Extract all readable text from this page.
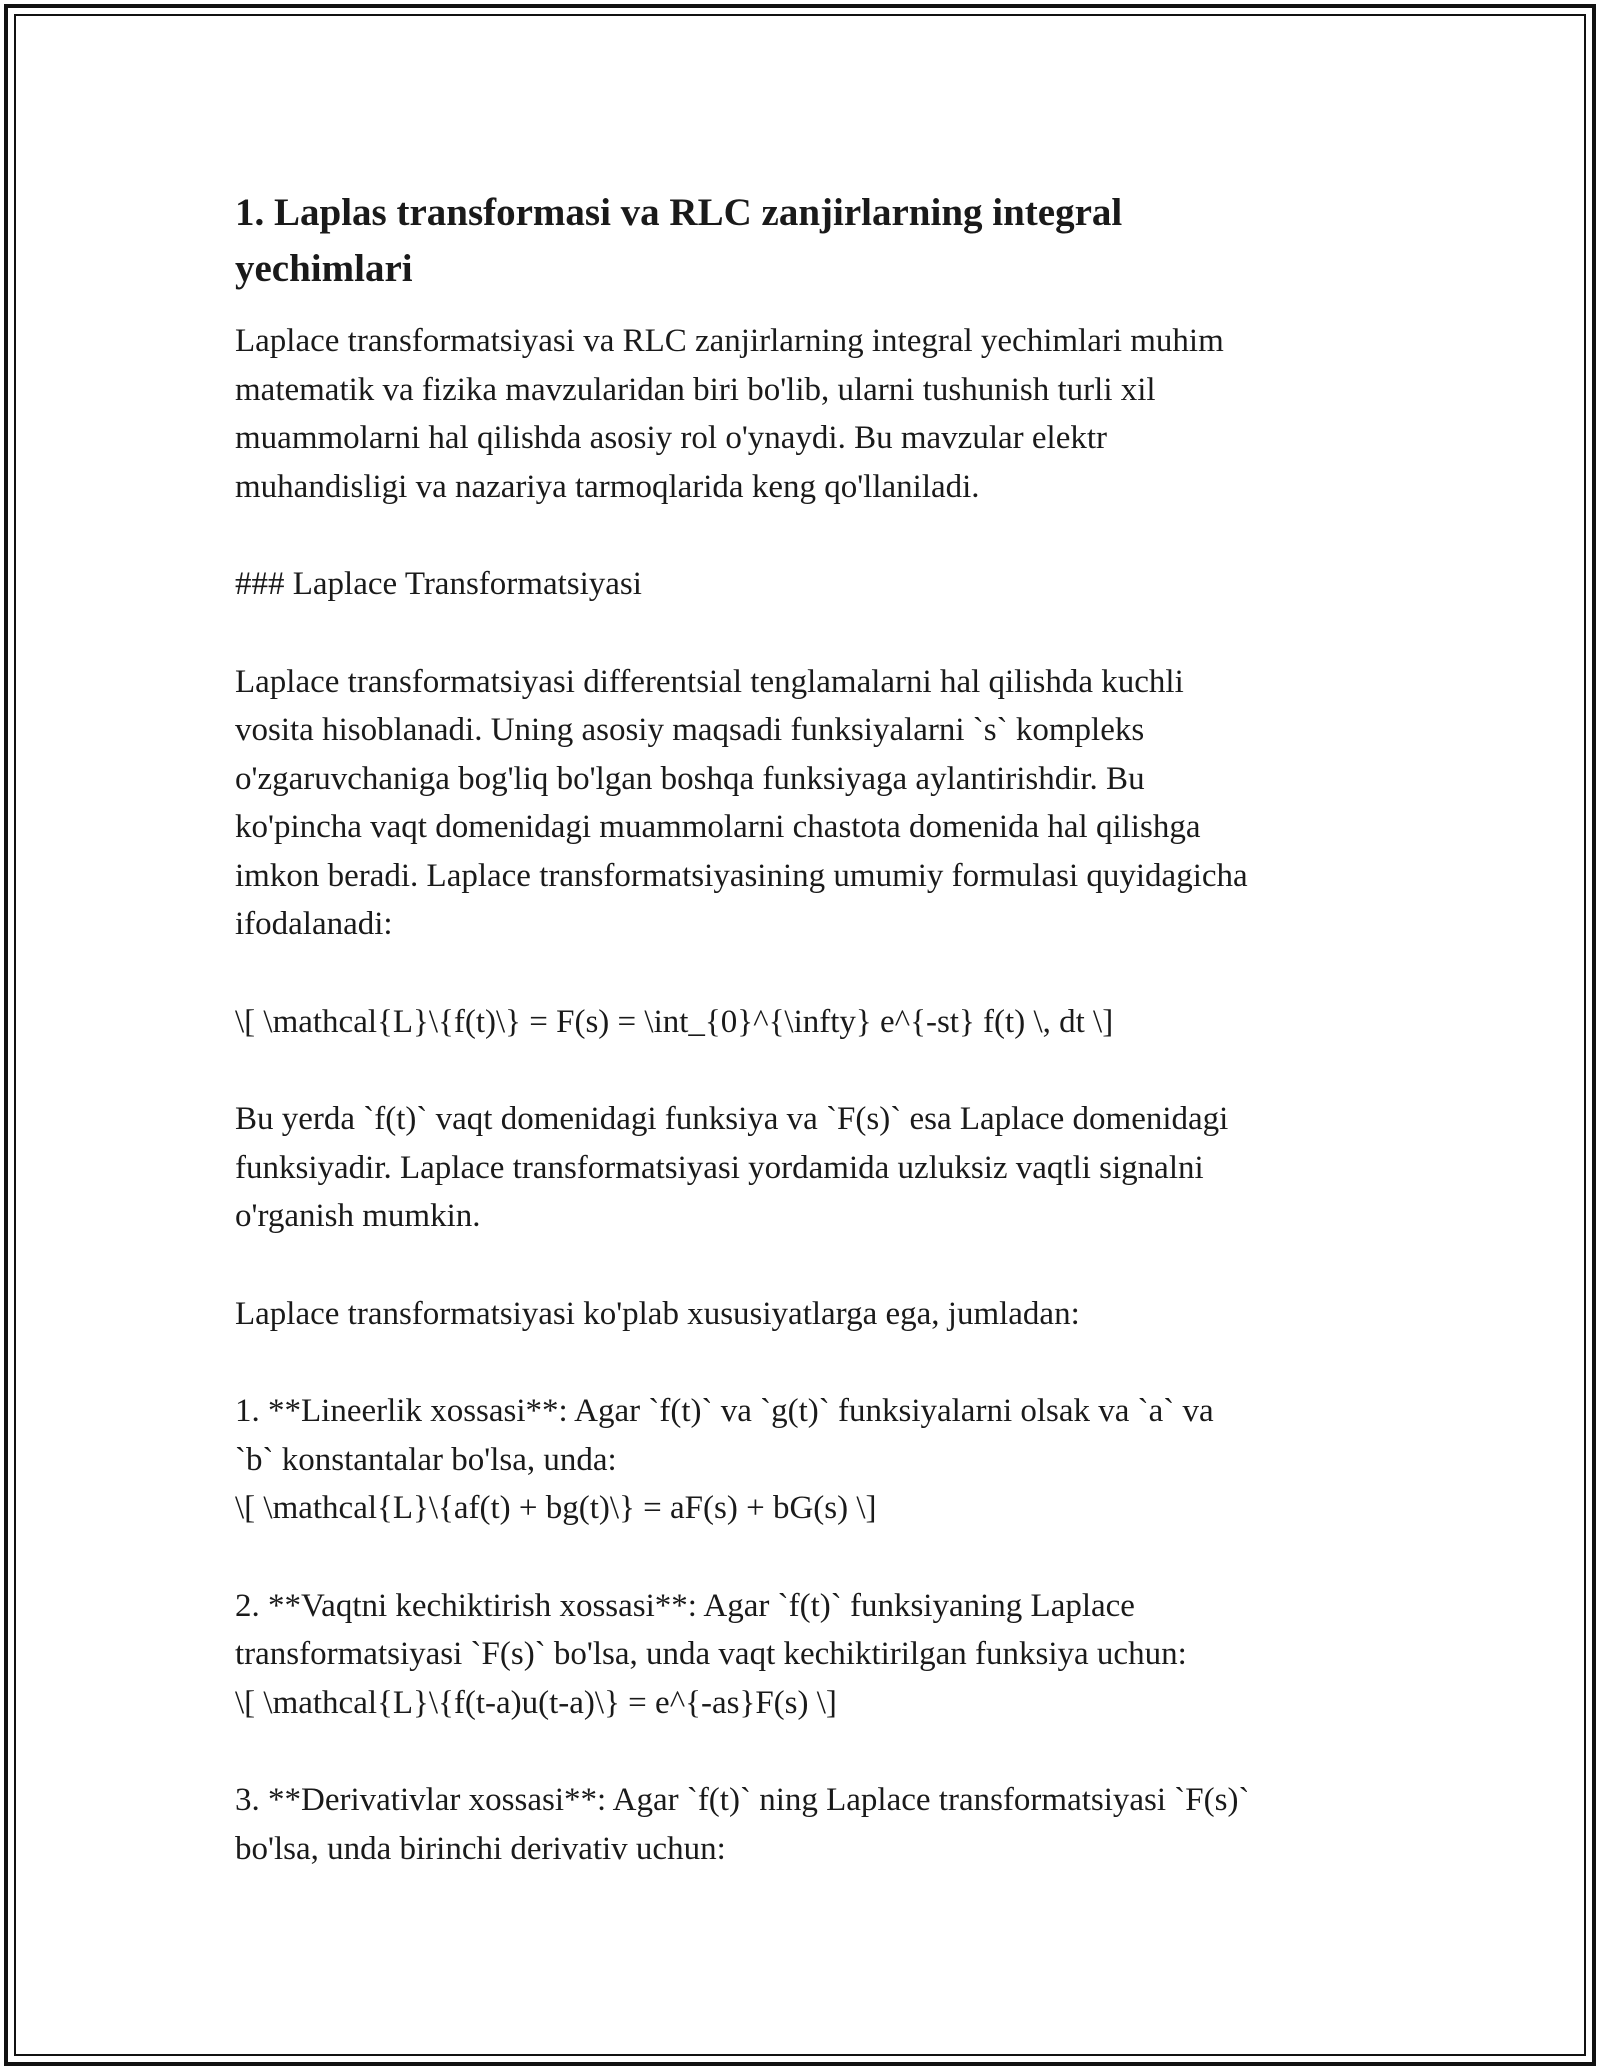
1. Laplas transformasi va RLC zanjirlarning integral
yechimlari

Laplace transformatsiyasi va RLC zanjirlarning integral yechimlari muhim
matematik va fizika mavzularidan biri bo'lib, ularni tushunish turli xil
muammolarni hal qilishda asosiy rol o'ynaydi. Bu mavzular elektr
muhandisligi va nazariya tarmoqlarida keng qo'llaniladi.

### Laplace Transformatsiyasi

Laplace transformatsiyasi differentsial tenglamalarni hal qilishda kuchli
vosita hisoblanadi. Uning asosiy maqsadi funksiyalarni `s` kompleks
o'zgaruvchaniga bog'liq bo'lgan boshqa funksiyaga aylantirishdir. Bu
ko'pincha vaqt domenidagi muammolarni chastota domenida hal qilishga
imkon beradi. Laplace transformatsiyasining umumiy formulasi quyidagicha
ifodalanadi:

\[ \mathcal{L}\{f(t)\} = F(s) = \int_{0}^{\infty} e^{-st} f(t) \, dt \]

Bu yerda `f(t)` vaqt domenidagi funksiya va `F(s)` esa Laplace domenidagi
funksiyadir. Laplace transformatsiyasi yordamida uzluksiz vaqtli signalni
o'rganish mumkin.

Laplace transformatsiyasi ko'plab xususiyatlarga ega, jumladan:

1. **Lineerlik xossasi**: Agar `f(t)` va `g(t)` funksiyalarni olsak va `a` va
`b` konstantalar bo'lsa, unda:
\[ \mathcal{L}\{af(t) + bg(t)\} = aF(s) + bG(s) \]

2. **Vaqtni kechiktirish xossasi**: Agar `f(t)` funksiyaning Laplace
transformatsiyasi `F(s)` bo'lsa, unda vaqt kechiktirilgan funksiya uchun:
\[ \mathcal{L}\{f(t-a)u(t-a)\} = e^{-as}F(s) \]

3. **Derivativlar xossasi**: Agar `f(t)` ning Laplace transformatsiyasi `F(s)`
bo'lsa, unda birinchi derivativ uchun:
